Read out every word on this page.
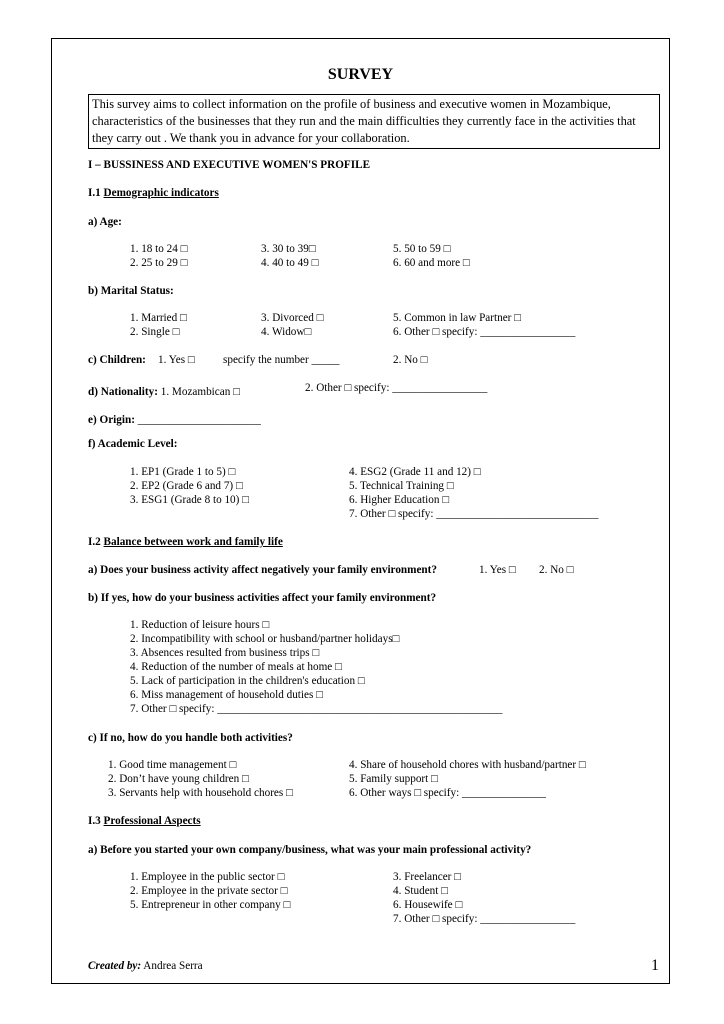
SURVEY
This survey aims to collect information on the profile of business and executive women in Mozambique, characteristics of the businesses that they run and the main difficulties they currently face in the activities that they carry out . We thank you in advance for your collaboration.
I – BUSSINESS AND EXECUTIVE WOMEN'S PROFILE
I.1 Demographic indicators
a) Age:
1. 18 to 24 □
2. 25 to 29 □
3. 30 to 39□
4. 40 to 49 □
5. 50 to 59 □
6. 60 and more □
b) Marital Status:
1. Married □
2. Single □
3. Divorced □
4. Widow□
5. Common in law Partner □
6. Other □ specify: _________________
c) Children: 1. Yes □	specify the number _____	2. No □
d) Nationality: 1. Mozambican □	2. Other □ specify: _________________
e) Origin: ______________________
f) Academic Level:
1. EP1 (Grade 1 to 5) □
2. EP2 (Grade 6 and 7) □
3. ESG1 (Grade 8 to 10) □
4. ESG2 (Grade 11 and 12) □
5. Technical Training □
6. Higher Education □
7. Other □ specify: _____________________________
I.2 Balance between work and family life
a) Does your business activity affect negatively your family environment?	1. Yes □ 2. No □
b) If yes, how do your business activities affect your family environment?
1. Reduction of leisure hours □
2. Incompatibility with school or husband/partner holidays□
3. Absences resulted from business trips □
4. Reduction of the number of meals at home □
5. Lack of participation in the children's education □
6. Miss management of household duties □
7. Other □ specify: ___________________________________________________
c) If no, how do you handle both activities?
1. Good time management □
2. Don’t have young children □
3. Servants help with household chores □
4. Share of household chores with husband/partner □
5. Family support □
6. Other ways □ specify: _______________
I.3 Professional Aspects
a) Before you started your own company/business, what was your main professional activity?
1. Employee in the public sector □
2. Employee in the private sector □
5. Entrepreneur in other company □
3. Freelancer □
4. Student □
6. Housewife □
7. Other □ specify: _________________
Created by: Andrea Serra	1
